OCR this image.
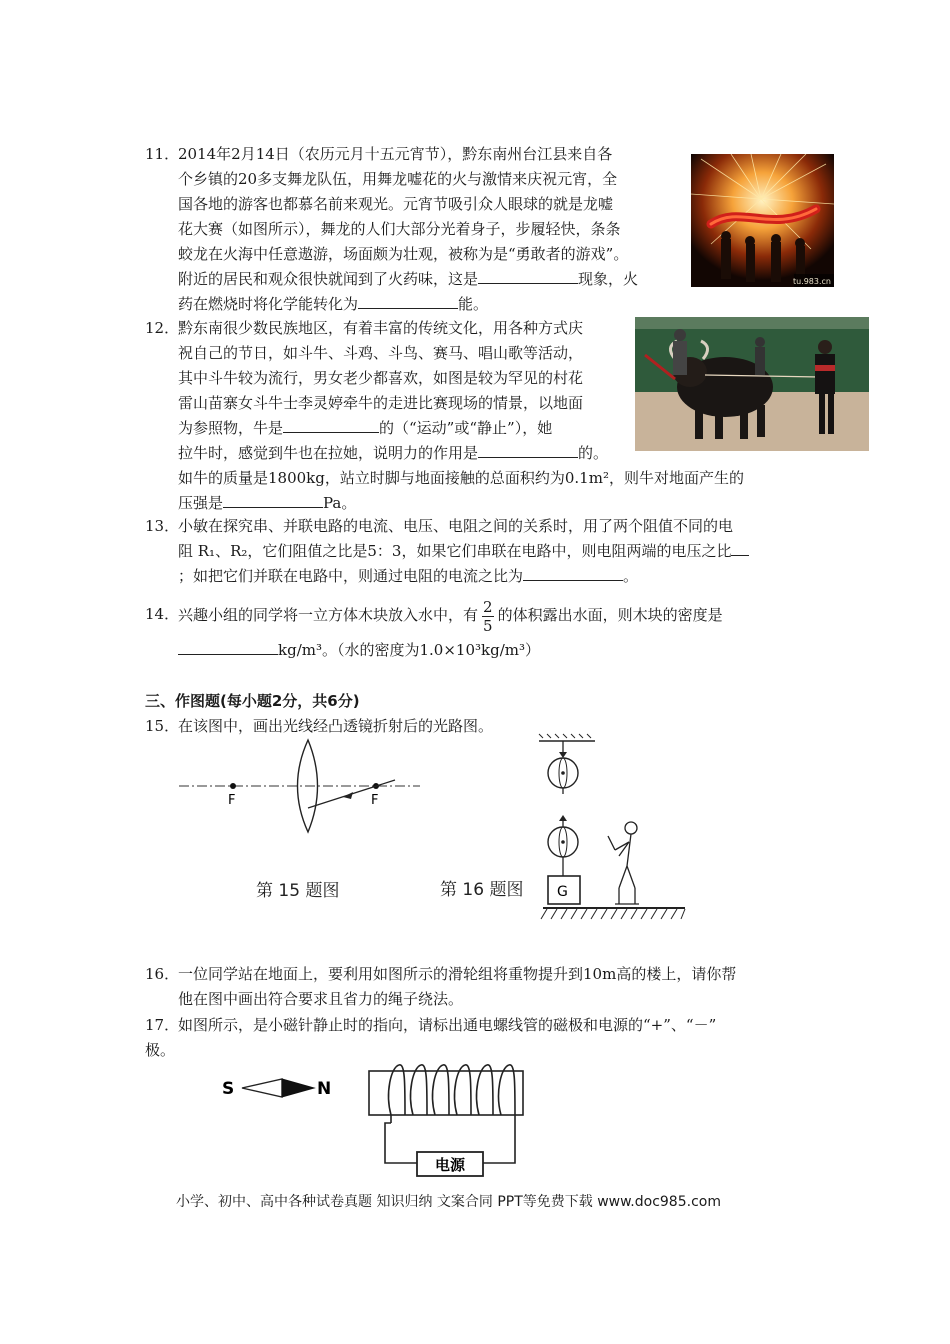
11．
2014年2月14日（农历元月十五元宵节），黔东南州台江县来自各
个乡镇的20多支舞龙队伍，用舞龙嘘花的火与激情来庆祝元宵，全
国各地的游客也都慕名前来观光。元宵节吸引众人眼球的就是龙嘘
花大赛（如图所示），舞龙的人们大部分光着身子，步履轻快，条条
蛟龙在火海中任意遨游，场面颇为壮观，被称为是“勇敢者的游戏”。
附近的居民和观众很快就闻到了火药味，这是	现象，火
药在燃烧时将化学能转化为	能。
tu.983.cn
12．
黔东南很少数民族地区，有着丰富的传统文化，用各种方式庆
祝自己的节日，如斗牛、斗鸡、斗鸟、赛马、唱山歌等活动，
其中斗牛较为流行，男女老少都喜欢，如图是较为罕见的村花
雷山苗寨女斗牛士李灵婷牵牛的走进比赛现场的情景，以地面
为参照物，牛是	的（“运动”或“静止”），她
拉牛时，感觉到牛也在拉她，说明力的作用是	的。
如牛的质量是1800kg，站立时脚与地面接触的总面积约为0.1m²，则牛对地面产生的
压强是	Pa。
13．
小敏在探究串、并联电路的电流、电压、电阻之间的关系时，用了两个阻值不同的电
阻 R₁、R₂，它们阻值之比是5：3，如果它们串联在电路中，则电阻两端的电压之比
；如把它们并联在电路中，则通过电阻的电流之比为	。
14．
兴趣小组的同学将一立方体木块放入水中，有 $\frac{2}{5}$ 的体积露出水面，则木块的密度是
kg/m³。（水的密度为1.0×10³kg/m³）
三、作图题(每小题2分，共6分)
15．
在该图中，画出光线经凸透镜折射后的光路图。
F	F
第 15 题图	G
第 16 题图
16．
一位同学站在地面上，要利用如图所示的滑轮组将重物提升到10m高的楼上，请你帮
他在图中画出符合要求且省力的绳子绕法。
17．
如图所示，是小磁针静止时的指向，请标出通电螺线管的磁极和电源的“+”、“－”
极。
S	N
电源
小学、初中、高中各种试卷真题 知识归纳 文案合同 PPT等免费下载 www.doc985.com
